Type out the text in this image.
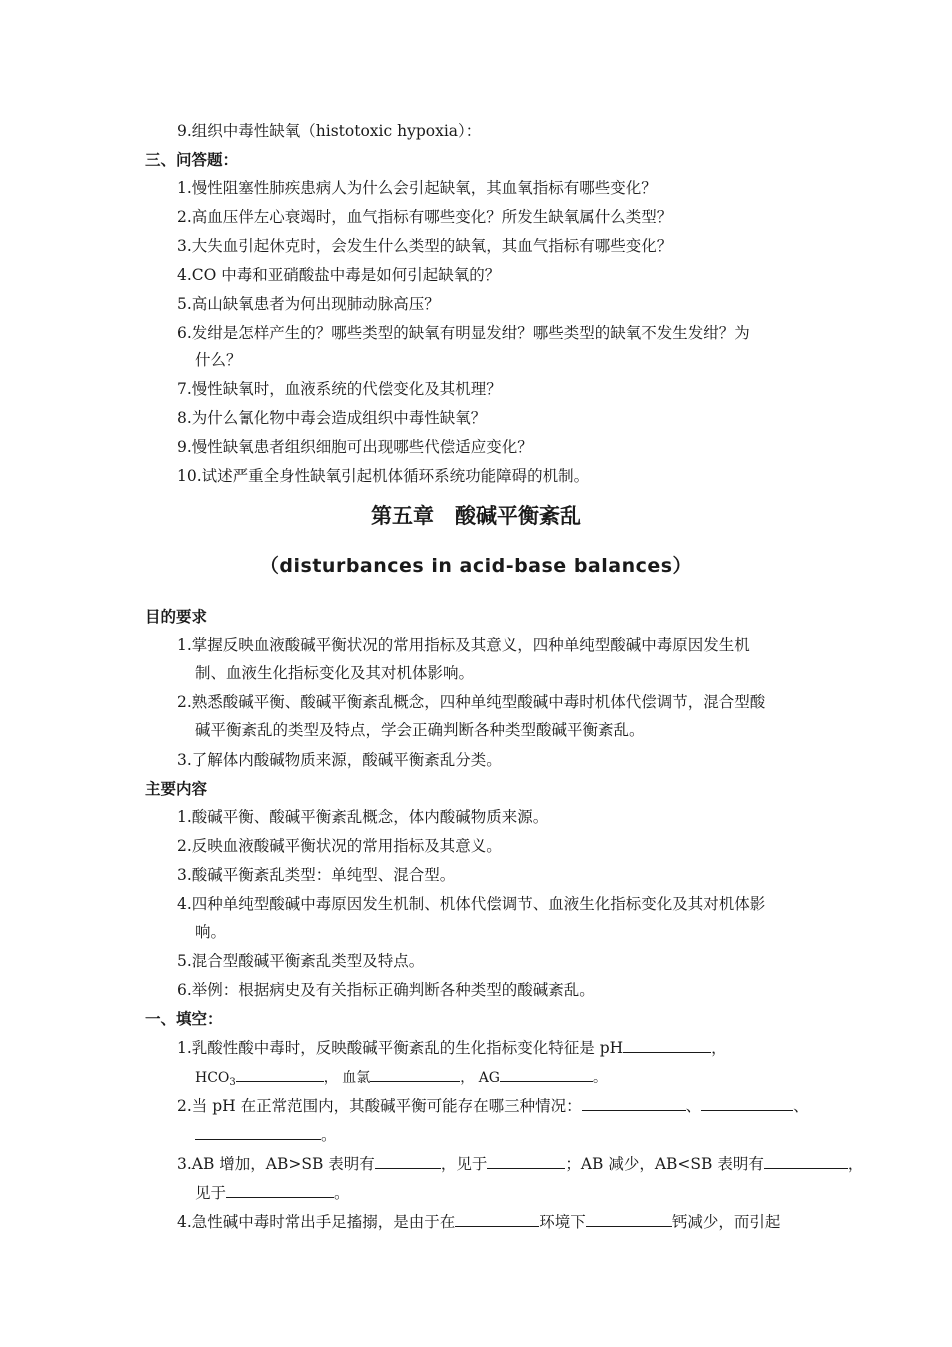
9.组织中毒性缺氧（histotoxic hypoxia）：
三、问答题：
1.慢性阻塞性肺疾患病人为什么会引起缺氧，其血氧指标有哪些变化？
2.高血压伴左心衰竭时，血气指标有哪些变化？所发生缺氧属什么类型？
3.大失血引起休克时，会发生什么类型的缺氧，其血气指标有哪些变化？
4.CO 中毒和亚硝酸盐中毒是如何引起缺氧的？
5.高山缺氧患者为何出现肺动脉高压？
6.发绀是怎样产生的？哪些类型的缺氧有明显发绀？哪些类型的缺氧不发生发绀？为
什么？
7.慢性缺氧时，血液系统的代偿变化及其机理？
8.为什么氰化物中毒会造成组织中毒性缺氧？
9.慢性缺氧患者组织细胞可出现哪些代偿适应变化？
10.试述严重全身性缺氧引起机体循环系统功能障碍的机制。
第五章　酸碱平衡紊乱
（disturbances in acid-base balances）
目的要求
1.掌握反映血液酸碱平衡状况的常用指标及其意义，四种单纯型酸碱中毒原因发生机
制、血液生化指标变化及其对机体影响。
2.熟悉酸碱平衡、酸碱平衡紊乱概念，四种单纯型酸碱中毒时机体代偿调节，混合型酸
碱平衡紊乱的类型及特点，学会正确判断各种类型酸碱平衡紊乱。
3.了解体内酸碱物质来源，酸碱平衡紊乱分类。
主要内容
1.酸碱平衡、酸碱平衡紊乱概念，体内酸碱物质来源。
2.反映血液酸碱平衡状况的常用指标及其意义。
3.酸碱平衡紊乱类型：单纯型、混合型。
4.四种单纯型酸碱中毒原因发生机制、机体代偿调节、血液生化指标变化及其对机体影
响。
5.混合型酸碱平衡紊乱类型及特点。
6.举例：根据病史及有关指标正确判断各种类型的酸碱紊乱。
一、填空：
1.乳酸性酸中毒时，反映酸碱平衡紊乱的生化指标变化特征是 pH	，
$HCO_3$	， 血氯	， AG	。
2.当 pH 在正常范围内，其酸碱平衡可能存在哪三种情况：	、	、
。
3.AB 增加，AB>SB 表明有	，见于	；AB 减少，AB<SB 表明有	，
见于	。
4.急性碱中毒时常出手足搐搦，是由于在	环境下	钙减少，而引起
